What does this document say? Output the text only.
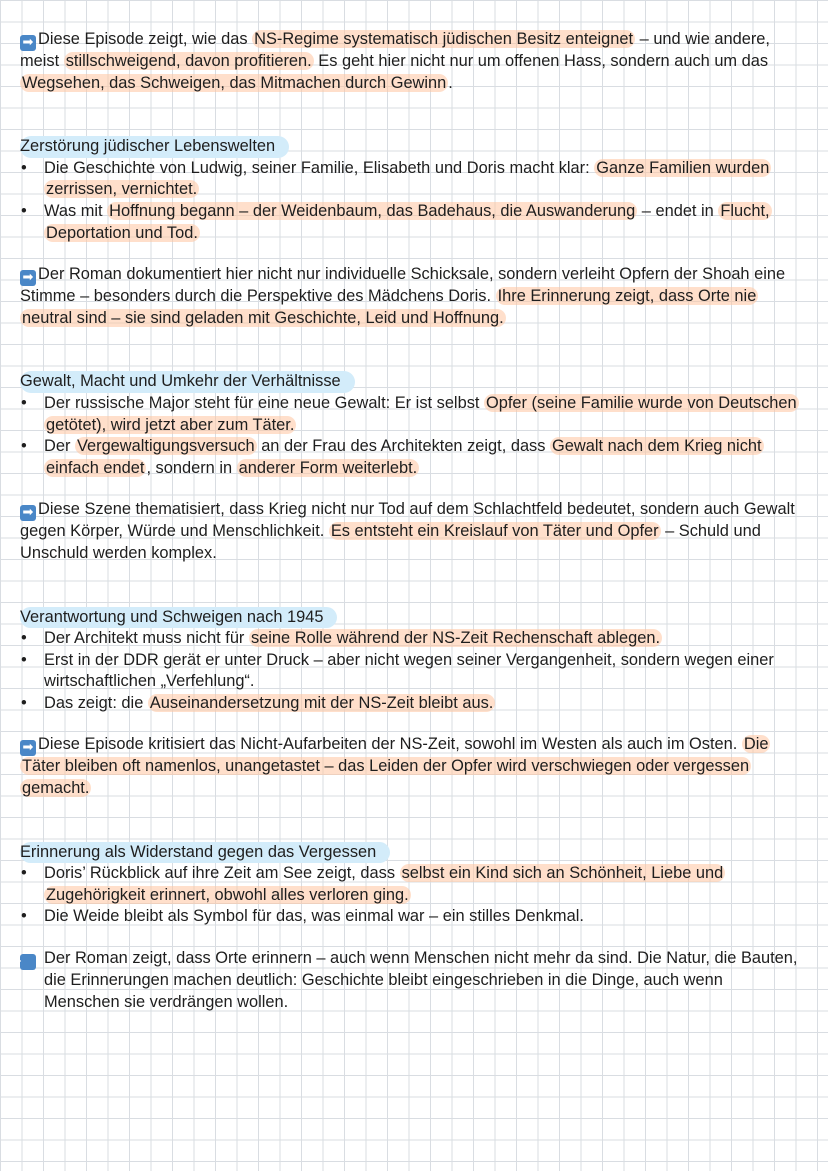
➡ Diese Episode zeigt, wie das NS-Regime systematisch jüdischen Besitz enteignet – und wie andere, meist stillschweigend, davon profitieren. Es geht hier nicht nur um offenen Hass, sondern auch um das Wegsehen, das Schweigen, das Mitmachen durch Gewinn .

Zerstörung jüdischer Lebenswelten
• Die Geschichte von Ludwig, seiner Familie, Elisabeth und Doris macht klar: Ganze Familien wurden zerrissen, vernichtet.
• Was mit Hoffnung begann – der Weidenbaum, das Badehaus, die Auswanderung – endet in Flucht, Deportation und Tod.

➡ Der Roman dokumentiert hier nicht nur individuelle Schicksale, sondern verleiht Opfern der Shoah eine Stimme – besonders durch die Perspektive des Mädchens Doris. Ihre Erinnerung zeigt, dass Orte nie neutral sind – sie sind geladen mit Geschichte, Leid und Hoffnung.

Gewalt, Macht und Umkehr der Verhältnisse
• Der russische Major steht für eine neue Gewalt: Er ist selbst Opfer (seine Familie wurde von Deutschen getötet), wird jetzt aber zum Täter.
• Der Vergewaltigungsversuch an der Frau des Architekten zeigt, dass Gewalt nach dem Krieg nicht einfach endet , sondern in anderer Form weiterlebt.

➡ Diese Szene thematisiert, dass Krieg nicht nur Tod auf dem Schlachtfeld bedeutet, sondern auch Gewalt gegen Körper, Würde und Menschlichkeit. Es entsteht ein Kreislauf von Täter und Opfer – Schuld und Unschuld werden komplex.

Verantwortung und Schweigen nach 1945
• Der Architekt muss nicht für seine Rolle während der NS-Zeit Rechenschaft ablegen.
• Erst in der DDR gerät er unter Druck – aber nicht wegen seiner Vergangenheit, sondern wegen einer wirtschaftlichen „Verfehlung“.
• Das zeigt: die Auseinandersetzung mit der NS-Zeit bleibt aus.

➡ Diese Episode kritisiert das Nicht-Aufarbeiten der NS-Zeit, sowohl im Westen als auch im Osten. Die Täter bleiben oft namenlos, unangetastet – das Leiden der Opfer wird verschwiegen oder vergessen gemacht.

Erinnerung als Widerstand gegen das Vergessen
• Doris’ Rückblick auf ihre Zeit am See zeigt, dass selbst ein Kind sich an Schönheit, Liebe und Zugehörigkeit erinnert, obwohl alles verloren ging.
• Die Weide bleibt als Symbol für das, was einmal war – ein stilles Denkmal.

➡ Der Roman zeigt, dass Orte erinnern – auch wenn Menschen nicht mehr da sind. Die Natur, die Bauten, die Erinnerungen machen deutlich: Geschichte bleibt eingeschrieben in die Dinge, auch wenn Menschen sie verdrängen wollen.
